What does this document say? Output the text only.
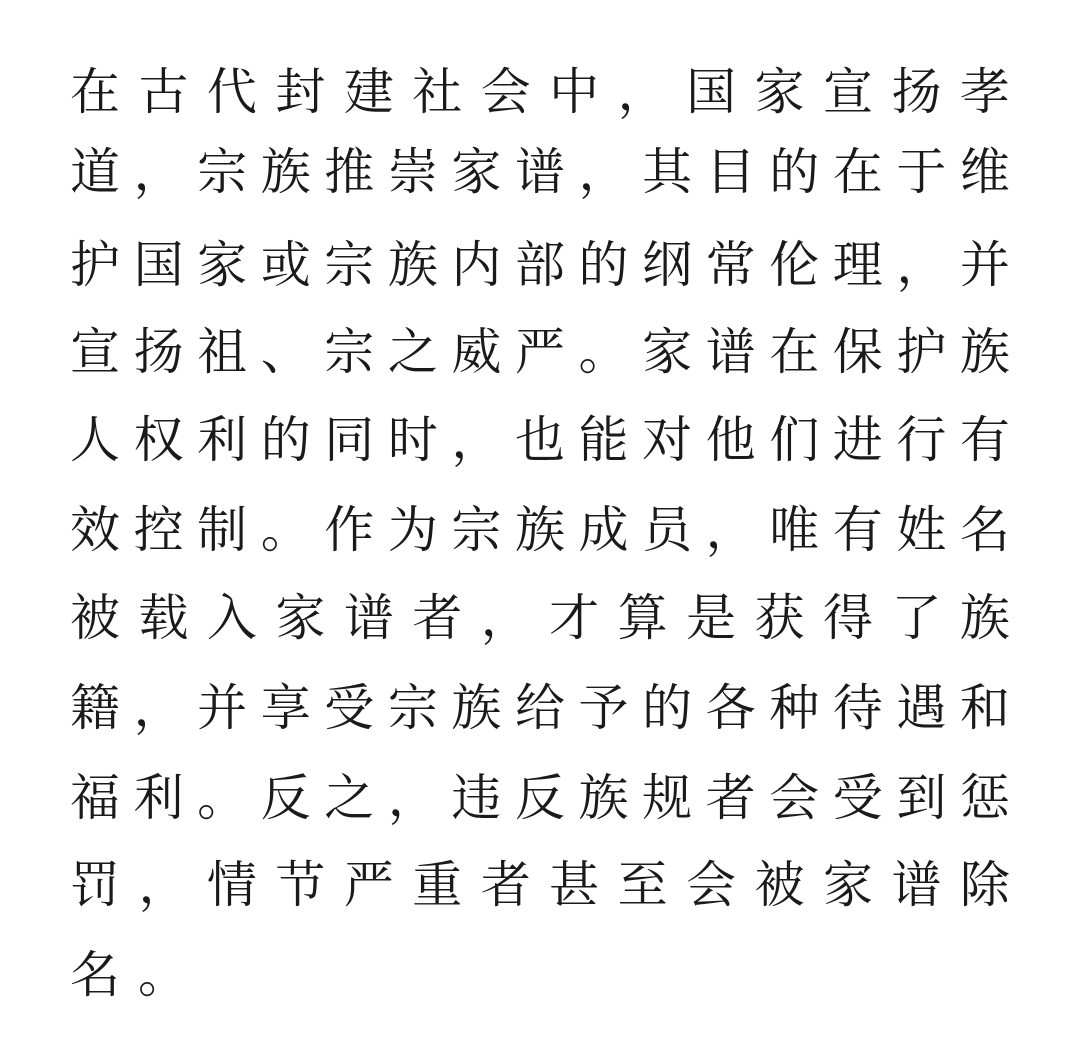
在 古 代 封 建 社 会 中 ， 国 家 宣 扬 孝
道 ， 宗 族 推 崇 家 谱 ， 其 目 的 在 于 维
护 国 家 或 宗 族 内 部 的 纲 常 伦 理 ， 并
宣 扬 祖 、 宗 之 威 严 。 家 谱 在 保 护 族
人 权 利 的 同 时 ， 也 能 对 他 们 进 行 有
效 控 制 。 作 为 宗 族 成 员 ， 唯 有 姓 名
被 载 入 家 谱 者 ， 才 算 是 获 得 了 族
籍 ， 并 享 受 宗 族 给 予 的 各 种 待 遇 和
福 利 。 反 之 ， 违 反 族 规 者 会 受 到 惩
罚 ， 情 节 严 重 者 甚 至 会 被 家 谱 除
名。
